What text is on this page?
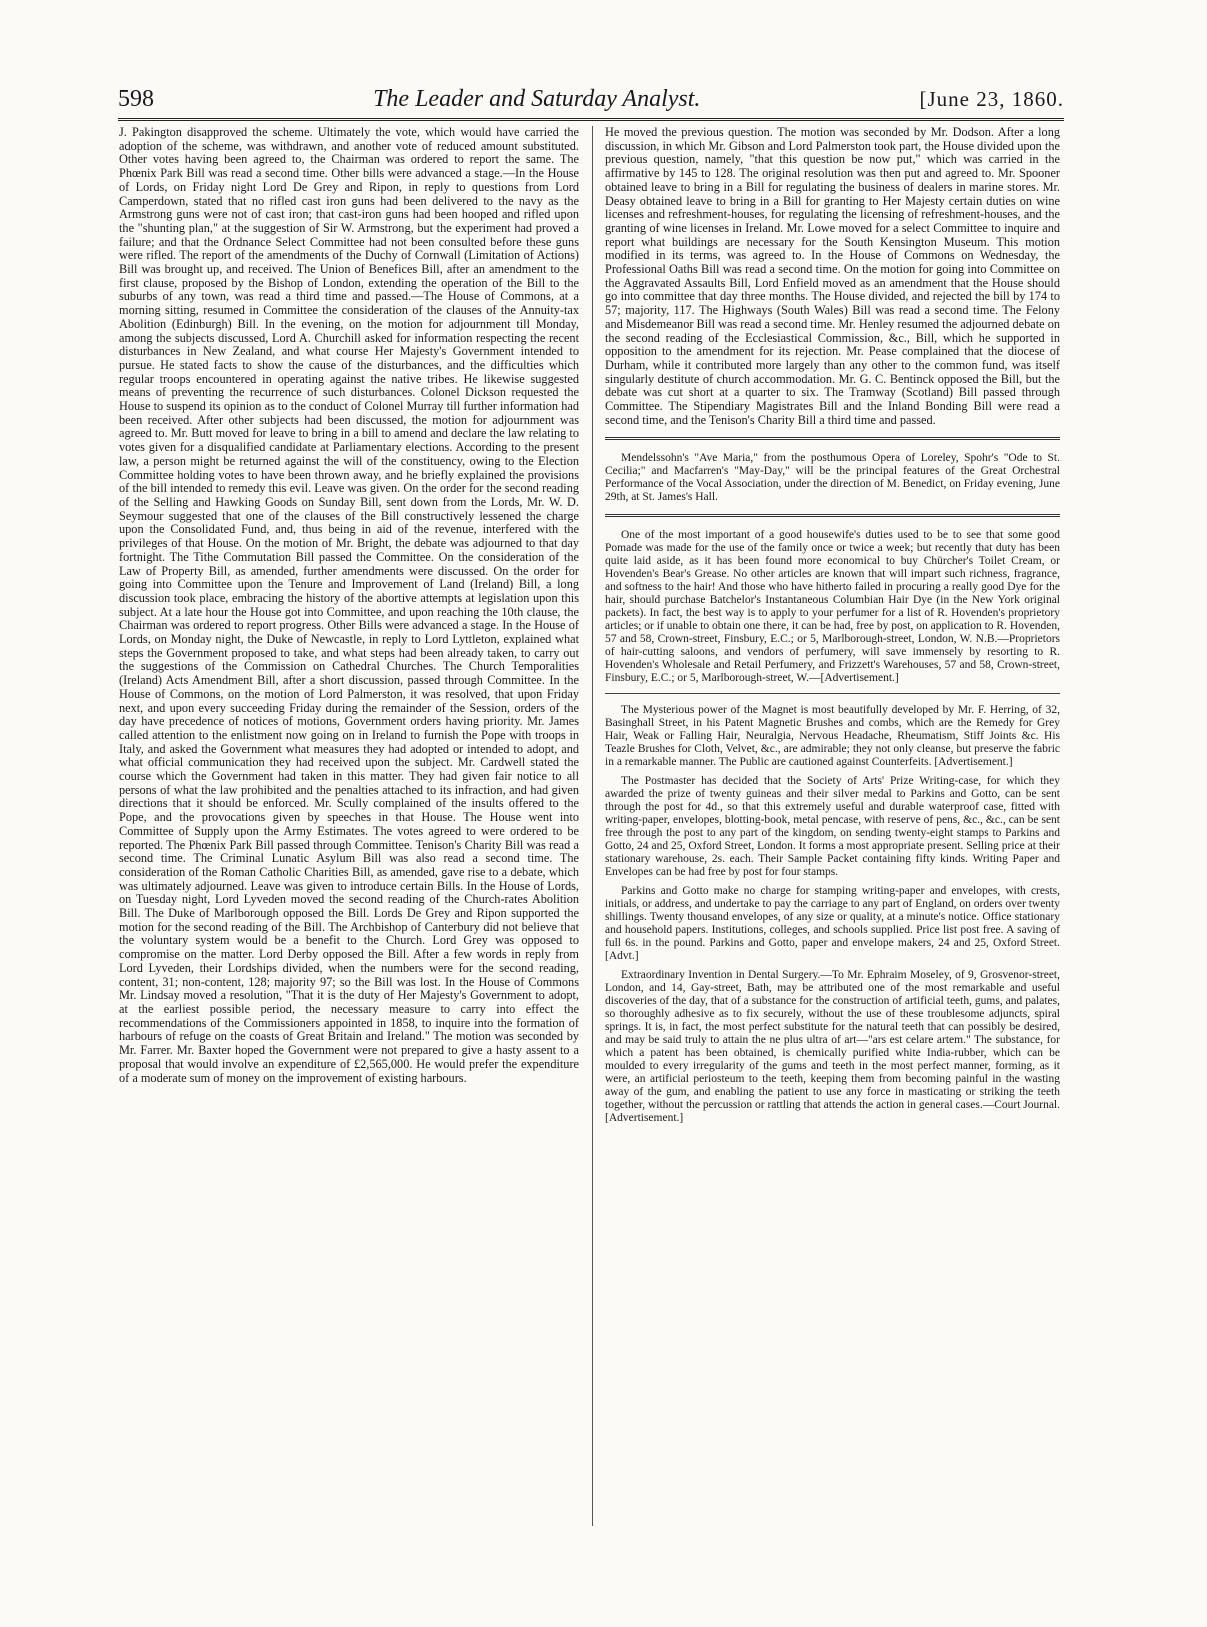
598	The Leader and Saturday Analyst.	[June 23, 1860.

J. Pakington disapproved the scheme. Ultimately the vote, which would have carried the adoption of the scheme, was withdrawn, and another vote of reduced amount substituted. Other votes having been agreed to, the Chairman was ordered to report the same. The Phœnix Park Bill was read a second time. Other bills were advanced a stage.—In the House of Lords, on Friday night Lord De Grey and Ripon, in reply to questions from Lord Camperdown, stated that no rifled cast iron guns had been delivered to the navy as the Armstrong guns were not of cast iron; that cast-iron guns had been hooped and rifled upon the "shunting plan," at the suggestion of Sir W. Armstrong, but the experiment had proved a failure; and that the Ordnance Select Committee had not been consulted before these guns were rifled. The report of the amendments of the Duchy of Cornwall (Limitation of Actions) Bill was brought up, and received. The Union of Benefices Bill, after an amendment to the first clause, proposed by the Bishop of London, extending the operation of the Bill to the suburbs of any town, was read a third time and passed.—The House of Commons, at a morning sitting, resumed in Committee the consideration of the clauses of the Annuity-tax Abolition (Edinburgh) Bill. In the evening, on the motion for adjournment till Monday, among the subjects discussed, Lord A. Churchill asked for information respecting the recent disturbances in New Zealand, and what course Her Majesty's Government intended to pursue. He stated facts to show the cause of the disturbances, and the difficulties which regular troops encountered in operating against the native tribes. He likewise suggested means of preventing the recurrence of such disturbances. Colonel Dickson requested the House to suspend its opinion as to the conduct of Colonel Murray till further information had been received. After other subjects had been discussed, the motion for adjournment was agreed to. Mr. Butt moved for leave to bring in a bill to amend and declare the law relating to votes given for a disqualified candidate at Parliamentary elections. According to the present law, a person might be returned against the will of the constituency, owing to the Election Committee holding votes to have been thrown away, and he briefly explained the provisions of the bill intended to remedy this evil. Leave was given. On the order for the second reading of the Selling and Hawking Goods on Sunday Bill, sent down from the Lords, Mr. W. D. Seymour suggested that one of the clauses of the Bill constructively lessened the charge upon the Consolidated Fund, and, thus being in aid of the revenue, interfered with the privileges of that House. On the motion of Mr. Bright, the debate was adjourned to that day fortnight. The Tithe Commutation Bill passed the Committee. On the consideration of the Law of Property Bill, as amended, further amendments were discussed. On the order for going into Committee upon the Tenure and Improvement of Land (Ireland) Bill, a long discussion took place, embracing the history of the abortive attempts at legislation upon this subject. At a late hour the House got into Committee, and upon reaching the 10th clause, the Chairman was ordered to report progress. Other Bills were advanced a stage. In the House of Lords, on Monday night, the Duke of Newcastle, in reply to Lord Lyttleton, explained what steps the Government proposed to take, and what steps had been already taken, to carry out the suggestions of the Commission on Cathedral Churches. The Church Temporalities (Ireland) Acts Amendment Bill, after a short discussion, passed through Committee. In the House of Commons, on the motion of Lord Palmerston, it was resolved, that upon Friday next, and upon every succeeding Friday during the remainder of the Session, orders of the day have precedence of notices of motions, Government orders having priority. Mr. James called attention to the enlistment now going on in Ireland to furnish the Pope with troops in Italy, and asked the Government what measures they had adopted or intended to adopt, and what official communication they had received upon the subject. Mr. Cardwell stated the course which the Government had taken in this matter. They had given fair notice to all persons of what the law prohibited and the penalties attached to its infraction, and had given directions that it should be enforced. Mr. Scully complained of the insults offered to the Pope, and the provocations given by speeches in that House. The House went into Committee of Supply upon the Army Estimates. The votes agreed to were ordered to be reported. The Phœnix Park Bill passed through Committee. Tenison's Charity Bill was read a second time. The Criminal Lunatic Asylum Bill was also read a second time. The consideration of the Roman Catholic Charities Bill, as amended, gave rise to a debate, which was ultimately adjourned. Leave was given to introduce certain Bills. In the House of Lords, on Tuesday night, Lord Lyveden moved the second reading of the Church-rates Abolition Bill. The Duke of Marlborough opposed the Bill. Lords De Grey and Ripon supported the motion for the second reading of the Bill. The Archbishop of Canterbury did not believe that the voluntary system would be a benefit to the Church. Lord Grey was opposed to compromise on the matter. Lord Derby opposed the Bill. After a few words in reply from Lord Lyveden, their Lordships divided, when the numbers were for the second reading, content, 31; non-content, 128; majority 97; so the Bill was lost. In the House of Commons Mr. Lindsay moved a resolution, "That it is the duty of Her Majesty's Government to adopt, at the earliest possible period, the necessary measure to carry into effect the recommendations of the Commissioners appointed in 1858, to inquire into the formation of harbours of refuge on the coasts of Great Britain and Ireland." The motion was seconded by Mr. Farrer. Mr. Baxter hoped the Government were not prepared to give a hasty assent to a proposal that would involve an expenditure of £2,565,000. He would prefer the expenditure of a moderate sum of money on the improvement of existing harbours.

He moved the previous question. The motion was seconded by Mr. Dodson. After a long discussion, in which Mr. Gibson and Lord Palmerston took part, the House divided upon the previous question, namely, "that this question be now put," which was carried in the affirmative by 145 to 128. The original resolution was then put and agreed to. Mr. Spooner obtained leave to bring in a Bill for regulating the business of dealers in marine stores. Mr. Deasy obtained leave to bring in a Bill for granting to Her Majesty certain duties on wine licenses and refreshment-houses, for regulating the licensing of refreshment-houses, and the granting of wine licenses in Ireland. Mr. Lowe moved for a select Committee to inquire and report what buildings are necessary for the South Kensington Museum. This motion modified in its terms, was agreed to. In the House of Commons on Wednesday, the Professional Oaths Bill was read a second time. On the motion for going into Committee on the Aggravated Assaults Bill, Lord Enfield moved as an amendment that the House should go into committee that day three months. The House divided, and rejected the bill by 174 to 57; majority, 117. The Highways (South Wales) Bill was read a second time. The Felony and Misdemeanor Bill was read a second time. Mr. Henley resumed the adjourned debate on the second reading of the Ecclesiastical Commission, &c., Bill, which he supported in opposition to the amendment for its rejection. Mr. Pease complained that the diocese of Durham, while it contributed more largely than any other to the common fund, was itself singularly destitute of church accommodation. Mr. G. C. Bentinck opposed the Bill, but the debate was cut short at a quarter to six. The Tramway (Scotland) Bill passed through Committee. The Stipendiary Magistrates Bill and the Inland Bonding Bill were read a second time, and the Tenison's Charity Bill a third time and passed.

Mendelssohn's "Ave Maria," from the posthumous Opera of Loreley, Spohr's "Ode to St. Cecilia;" and Macfarren's "May-Day," will be the principal features of the Great Orchestral Performance of the Vocal Association, under the direction of M. Benedict, on Friday evening, June 29th, at St. James's Hall.

One of the most important of a good housewife's duties used to be to see that some good Pomade was made for the use of the family once or twice a week; but recently that duty has been quite laid aside, as it has been found more economical to buy Chürcher's Toilet Cream, or Hovenden's Bear's Grease. No other articles are known that will impart such richness, fragrance, and softness to the hair! And those who have hitherto failed in procuring a really good Dye for the hair, should purchase Batchelor's Instantaneous Columbian Hair Dye (in the New York original packets). In fact, the best way is to apply to your perfumer for a list of R. Hovenden's proprietory articles; or if unable to obtain one there, it can be had, free by post, on application to R. Hovenden, 57 and 58, Crown-street, Finsbury, E.C.; or 5, Marlborough-street, London, W. N.B.—Proprietors of hair-cutting saloons, and vendors of perfumery, will save immensely by resorting to R. Hovenden's Wholesale and Retail Perfumery, and Frizzett's Warehouses, 57 and 58, Crown-street, Finsbury, E.C.; or 5, Marlborough-street, W.—[Advertisement.]

The Mysterious power of the Magnet is most beautifully developed by Mr. F. Herring, of 32, Basinghall Street, in his Patent Magnetic Brushes and combs, which are the Remedy for Grey Hair, Weak or Falling Hair, Neuralgia, Nervous Headache, Rheumatism, Stiff Joints &c. His Teazle Brushes for Cloth, Velvet, &c., are admirable; they not only cleanse, but preserve the fabric in a remarkable manner. The Public are cautioned against Counterfeits. [Advertisement.]

The Postmaster has decided that the Society of Arts' Prize Writing-case, for which they awarded the prize of twenty guineas and their silver medal to Parkins and Gotto, can be sent through the post for 4d., so that this extremely useful and durable waterproof case, fitted with writing-paper, envelopes, blotting-book, metal pencase, with reserve of pens, &c., &c., can be sent free through the post to any part of the kingdom, on sending twenty-eight stamps to Parkins and Gotto, 24 and 25, Oxford Street, London. It forms a most appropriate present. Selling price at their stationary warehouse, 2s. each. Their Sample Packet containing fifty kinds. Writing Paper and Envelopes can be had free by post for four stamps.

Parkins and Gotto make no charge for stamping writing-paper and envelopes, with crests, initials, or address, and undertake to pay the carriage to any part of England, on orders over twenty shillings. Twenty thousand envelopes, of any size or quality, at a minute's notice. Office stationary and household papers. Institutions, colleges, and schools supplied. Price list post free. A saving of full 6s. in the pound. Parkins and Gotto, paper and envelope makers, 24 and 25, Oxford Street. [Advt.]

Extraordinary Invention in Dental Surgery.—To Mr. Ephraim Moseley, of 9, Grosvenor-street, London, and 14, Gay-street, Bath, may be attributed one of the most remarkable and useful discoveries of the day, that of a substance for the construction of artificial teeth, gums, and palates, so thoroughly adhesive as to fix securely, without the use of these troublesome adjuncts, spiral springs. It is, in fact, the most perfect substitute for the natural teeth that can possibly be desired, and may be said truly to attain the ne plus ultra of art—"ars est celare artem." The substance, for which a patent has been obtained, is chemically purified white India-rubber, which can be moulded to every irregularity of the gums and teeth in the most perfect manner, forming, as it were, an artificial periosteum to the teeth, keeping them from becoming painful in the wasting away of the gum, and enabling the patient to use any force in masticating or striking the teeth together, without the percussion or rattling that attends the action in general cases.—Court Journal. [Advertisement.]
